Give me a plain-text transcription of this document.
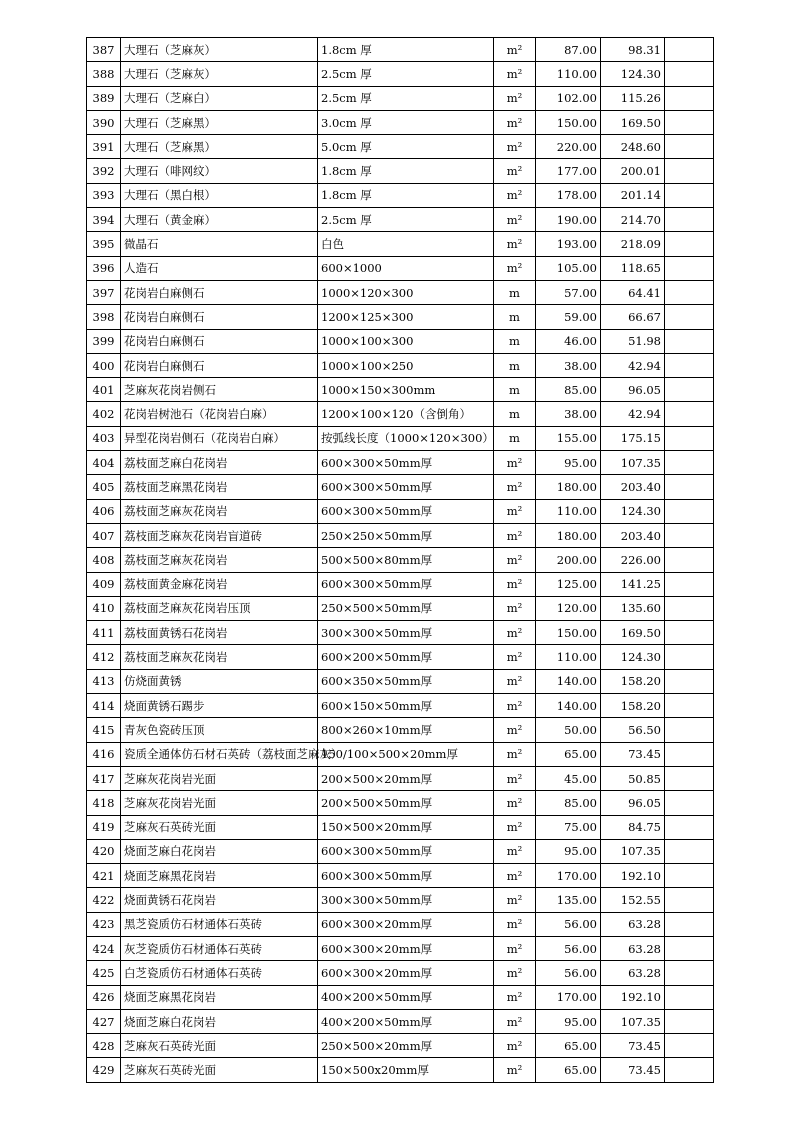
387	大理石（芝麻灰）	1.8cm 厚	m²	87.00	98.31	
388	大理石（芝麻灰）	2.5cm 厚	m²	110.00	124.30	
389	大理石（芝麻白）	2.5cm 厚	m²	102.00	115.26	
390	大理石（芝麻黑）	3.0cm 厚	m²	150.00	169.50	
391	大理石（芝麻黑）	5.0cm 厚	m²	220.00	248.60	
392	大理石（啡网纹）	1.8cm 厚	m²	177.00	200.01	
393	大理石（黑白根）	1.8cm 厚	m²	178.00	201.14	
394	大理石（黄金麻）	2.5cm 厚	m²	190.00	214.70	
395	微晶石	白色	m²	193.00	218.09	
396	人造石	600×1000	m²	105.00	118.65	
397	花岗岩白麻侧石	1000×120×300	m	57.00	64.41	
398	花岗岩白麻侧石	1200×125×300	m	59.00	66.67	
399	花岗岩白麻侧石	1000×100×300	m	46.00	51.98	
400	花岗岩白麻侧石	1000×100×250	m	38.00	42.94	
401	芝麻灰花岗岩侧石	1000×150×300mm	m	85.00	96.05	
402	花岗岩树池石（花岗岩白麻）	1200×100×120（含倒角）	m	38.00	42.94	
403	异型花岗岩侧石（花岗岩白麻）	按弧线长度（1000×120×300）	m	155.00	175.15	
404	荔枝面芝麻白花岗岩	600×300×50mm厚	m²	95.00	107.35	
405	荔枝面芝麻黑花岗岩	600×300×50mm厚	m²	180.00	203.40	
406	荔枝面芝麻灰花岗岩	600×300×50mm厚	m²	110.00	124.30	
407	荔枝面芝麻灰花岗岩盲道砖	250×250×50mm厚	m²	180.00	203.40	
408	荔枝面芝麻灰花岗岩	500×500×80mm厚	m²	200.00	226.00	
409	荔枝面黄金麻花岗岩	600×300×50mm厚	m²	125.00	141.25	
410	荔枝面芝麻灰花岗岩压顶	250×500×50mm厚	m²	120.00	135.60	
411	荔枝面黄锈石花岗岩	300×300×50mm厚	m²	150.00	169.50	
412	荔枝面芝麻灰花岗岩	600×200×50mm厚	m²	110.00	124.30	
413	仿烧面黄锈	600×350×50mm厚	m²	140.00	158.20	
414	烧面黄锈石踢步	600×150×50mm厚	m²	140.00	158.20	
415	青灰色瓷砖压顶	800×260×10mm厚	m²	50.00	56.50	
416	瓷质全通体仿石材石英砖（荔枝面芝麻灰）	150/100×500×20mm厚	m²	65.00	73.45	
417	芝麻灰花岗岩光面	200×500×20mm厚	m²	45.00	50.85	
418	芝麻灰花岗岩光面	200×500×50mm厚	m²	85.00	96.05	
419	芝麻灰石英砖光面	150×500×20mm厚	m²	75.00	84.75	
420	烧面芝麻白花岗岩	600×300×50mm厚	m²	95.00	107.35	
421	烧面芝麻黑花岗岩	600×300×50mm厚	m²	170.00	192.10	
422	烧面黄锈石花岗岩	300×300×50mm厚	m²	135.00	152.55	
423	黑芝瓷质仿石材通体石英砖	600×300×20mm厚	m²	56.00	63.28	
424	灰芝瓷质仿石材通体石英砖	600×300×20mm厚	m²	56.00	63.28	
425	白芝瓷质仿石材通体石英砖	600×300×20mm厚	m²	56.00	63.28	
426	烧面芝麻黑花岗岩	400×200×50mm厚	m²	170.00	192.10	
427	烧面芝麻白花岗岩	400×200×50mm厚	m²	95.00	107.35	
428	芝麻灰石英砖光面	250×500×20mm厚	m²	65.00	73.45	
429	芝麻灰石英砖光面	150×500x20mm厚	m²	65.00	73.45	
